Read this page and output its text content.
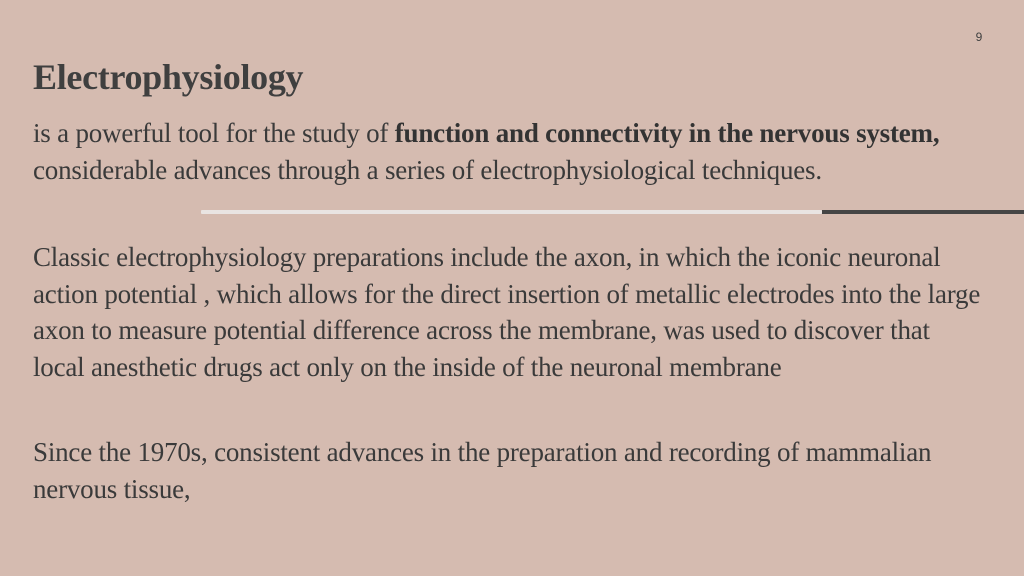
9
Electrophysiology

is a powerful tool for the study of function and connectivity in the nervous system, considerable advances through a series of electrophysiological techniques.

Classic electrophysiology preparations include the axon, in which the iconic neuronal action potential , which allows for the direct insertion of metallic electrodes into the large axon to measure potential difference across the membrane, was used to discover that local anesthetic drugs act only on the inside of the neuronal membrane

Since the 1970s, consistent advances in the preparation and recording of mammalian nervous tissue,
